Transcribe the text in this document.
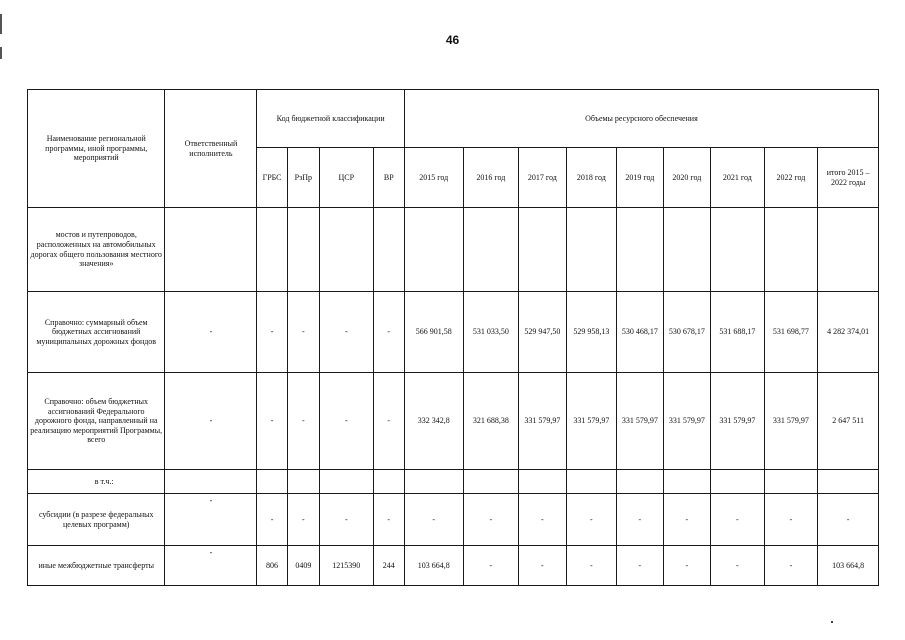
46
Наименование региональной программы, иной программы, мероприятий	Ответственный исполнитель	Код бюджетной классификации				Объемы ресурсного обеспечения								
		ГРБС	РзПр	ЦСР	ВР	2015 год	2016 год	2017 год	2018 год	2019 год	2020 год	2021 год	2022 год	итого 2015 – 2022 годы
мостов и путепроводов, расположенных на автомобильных дорогах общего пользования местного значения»														
Справочно: суммарный объем бюджетных ассигнований муниципальных дорожных фондов	-	-	-	-	-	566 901,58	531 033,50	529 947,50	529 958,13	530 468,17	530 678,17	531 688,17	531 698,77	4 282 374,01
Справочно: объем бюджетных ассигнований Федерального дорожного фонда, направленный на реализацию мероприятий Программы, всего	-	-	-	-	-	332 342,8	321 688,38	331 579,97	331 579,97	331 579,97	331 579,97	331 579,97	331 579,97	2 647 511
в т.ч.:														
субсидии (в разрезе федеральных целевых программ)	-	-	-	-	-	-	-	-	-	-	-	-	-	-
иные межбюджетные трансферты	-	806	0409	1215390	244	103 664,8	-	-	-	-	-	-	-	103 664,8
